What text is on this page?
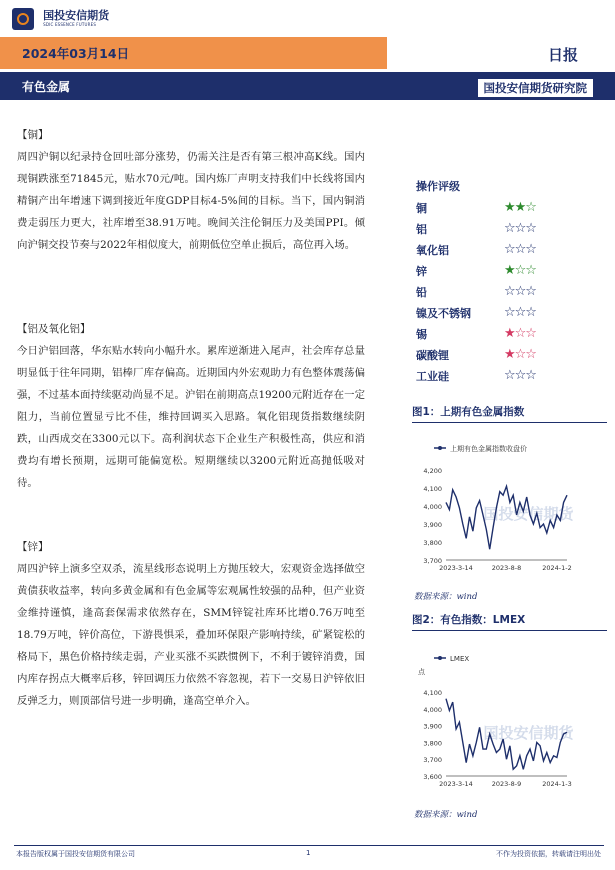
国投安信期货
SDIC ESSENCE FUTURES
2024年03月14日	日报
有色金属	国投安信期货研究院
【铜】

周四沪铜以纪录持仓回吐部分涨势，仍需关注是否有第三根冲高K线。国内现铜跌涨至71845元，贴水70元/吨。国内炼厂声明支持我们中长线将国内精铜产出年增速下调到接近年度GDP目标4-5%间的目标。当下，国内铜消费走弱压力更大，社库增至38.91万吨。晚间关注伦铜压力及美国PPI。倾向沪铜交投节奏与2022年相似度大，前期低位空单止损后，高位再入场。

【铝及氧化铝】

今日沪铝回落，华东贴水转向小幅升水。累库逆渐进入尾声，社会库存总量明显低于往年同期，铝棒厂库存偏高。近期国内外宏观助力有色整体震荡偏强，不过基本面持续驱动尚显不足。沪铝在前期高点19200元附近存在一定阻力，当前位置显亏比不佳，维持回调买入思路。氧化铝现货指数继续阴跌，山西成交在3300元以下。高利润状态下企业生产积极性高，供应和消费均有增长预期，远期可能偏宽松。短期继续以3200元附近高抛低吸对待。

【锌】

周四沪锌上演多空双杀，流星线形态说明上方抛压较大，宏观资金选择做空黄债获收益率，转向多黄金属和有色金属等宏观属性较强的品种，但产业资金维持谨慎，逢高套保需求依然存在，SMM锌锭社库环比增0.76万吨至18.79万吨，锌价高位，下游畏惧采，叠加环保限产影响持续，矿紧锭松的格局下，黑色价格持续走弱，产业买涨不买跌惯例下，不利于镀锌消费，国内库存拐点大概率后移，锌回调压力依然不容忽视，若下一交易日沪锌依旧反弹乏力，则顶部信号进一步明确，逢高空单介入。

操作评级
铜	★★☆
铝	☆☆☆
氧化铝	☆☆☆
锌	★☆☆
铅	☆☆☆
镍及不锈钢	☆☆☆
锡	★☆☆
碳酸锂	★☆☆
工业硅	☆☆☆
图1：上期有色金属指数
国投安信期货
上期有色金属指数收盘价
4,200
4,100
4,000
3,900
3,800
3,700
2023-3-14	2023-8-8	2024-1-2
数据来源：wind
图2：有色指数：LMEX
国投安信期货
LMEX
点
4,100
4,000
3,900
3,800
3,700
3,600
2023-3-14	2023-8-9	2024-1-3
数据来源：wind
本报告版权属于国投安信期货有限公司	1	不作为投资依据，转载请注明出处
